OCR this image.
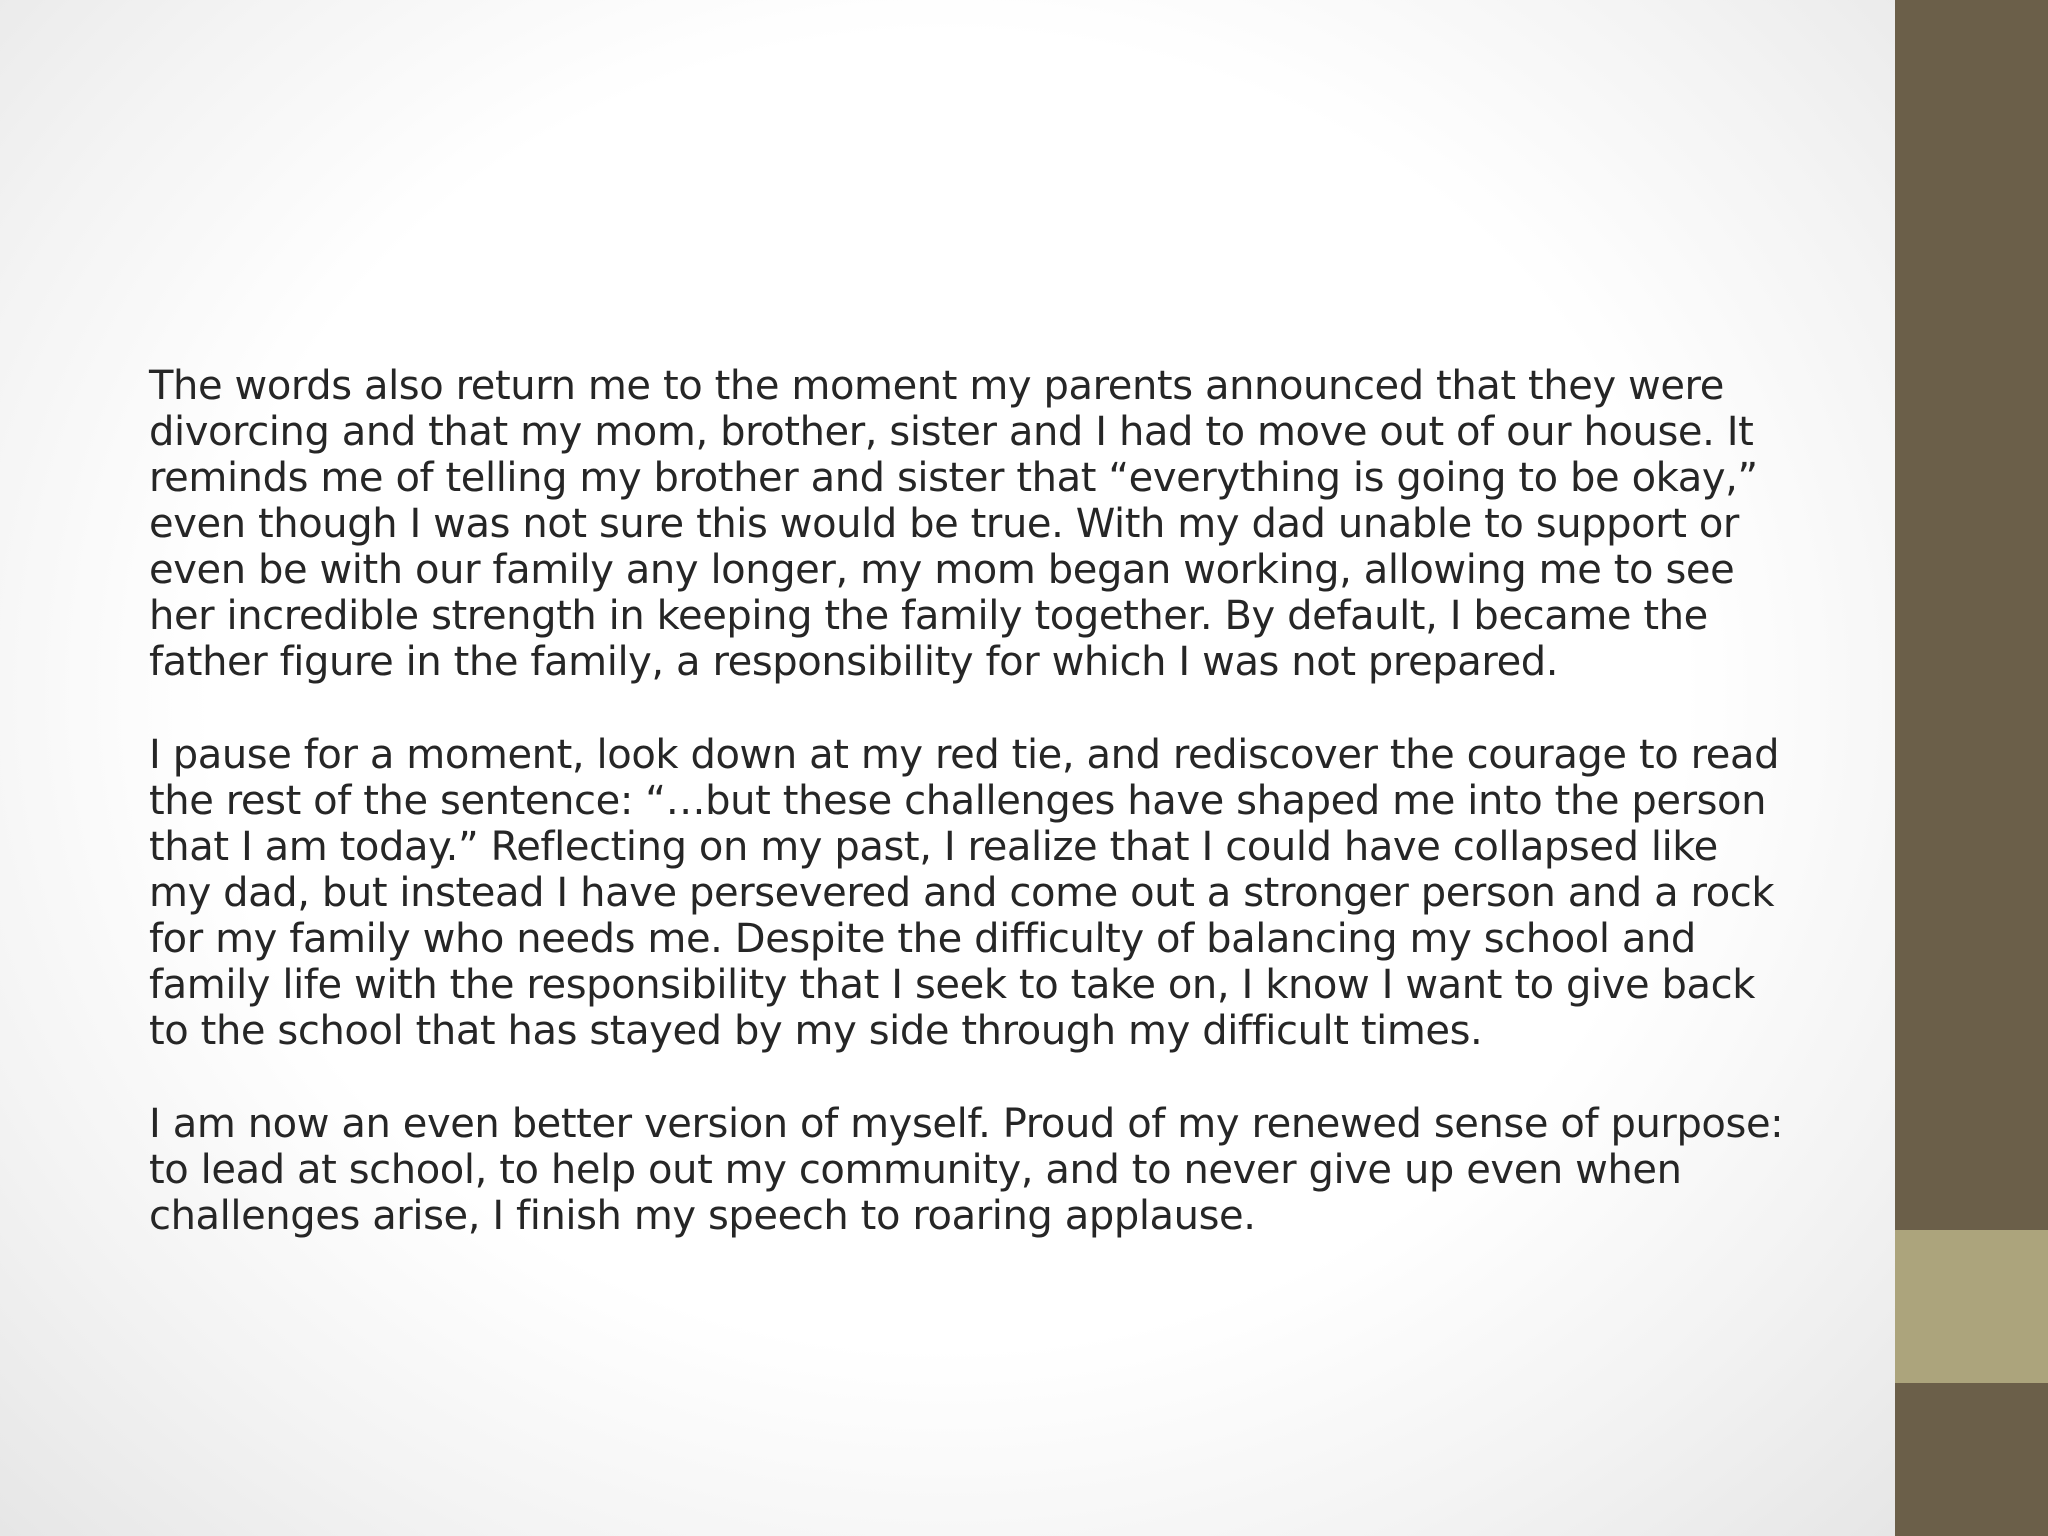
The words also return me to the moment my parents announced that they were divorcing and that my mom, brother, sister and I had to move out of our house. It reminds me of telling my brother and sister that “everything is going to be okay,” even though I was not sure this would be true. With my dad unable to support or even be with our family any longer, my mom began working, allowing me to see her incredible strength in keeping the family together. By default, I became the father figure in the family, a responsibility for which I was not prepared.

I pause for a moment, look down at my red tie, and rediscover the courage to read the rest of the sentence: “…but these challenges have shaped me into the person that I am today.” Reflecting on my past, I realize that I could have collapsed like my dad, but instead I have persevered and come out a stronger person and a rock for my family who needs me. Despite the difficulty of balancing my school and family life with the responsibility that I seek to take on, I know I want to give back to the school that has stayed by my side through my difficult times.

I am now an even better version of myself. Proud of my renewed sense of purpose: to lead at school, to help out my community, and to never give up even when challenges arise, I finish my speech to roaring applause.
